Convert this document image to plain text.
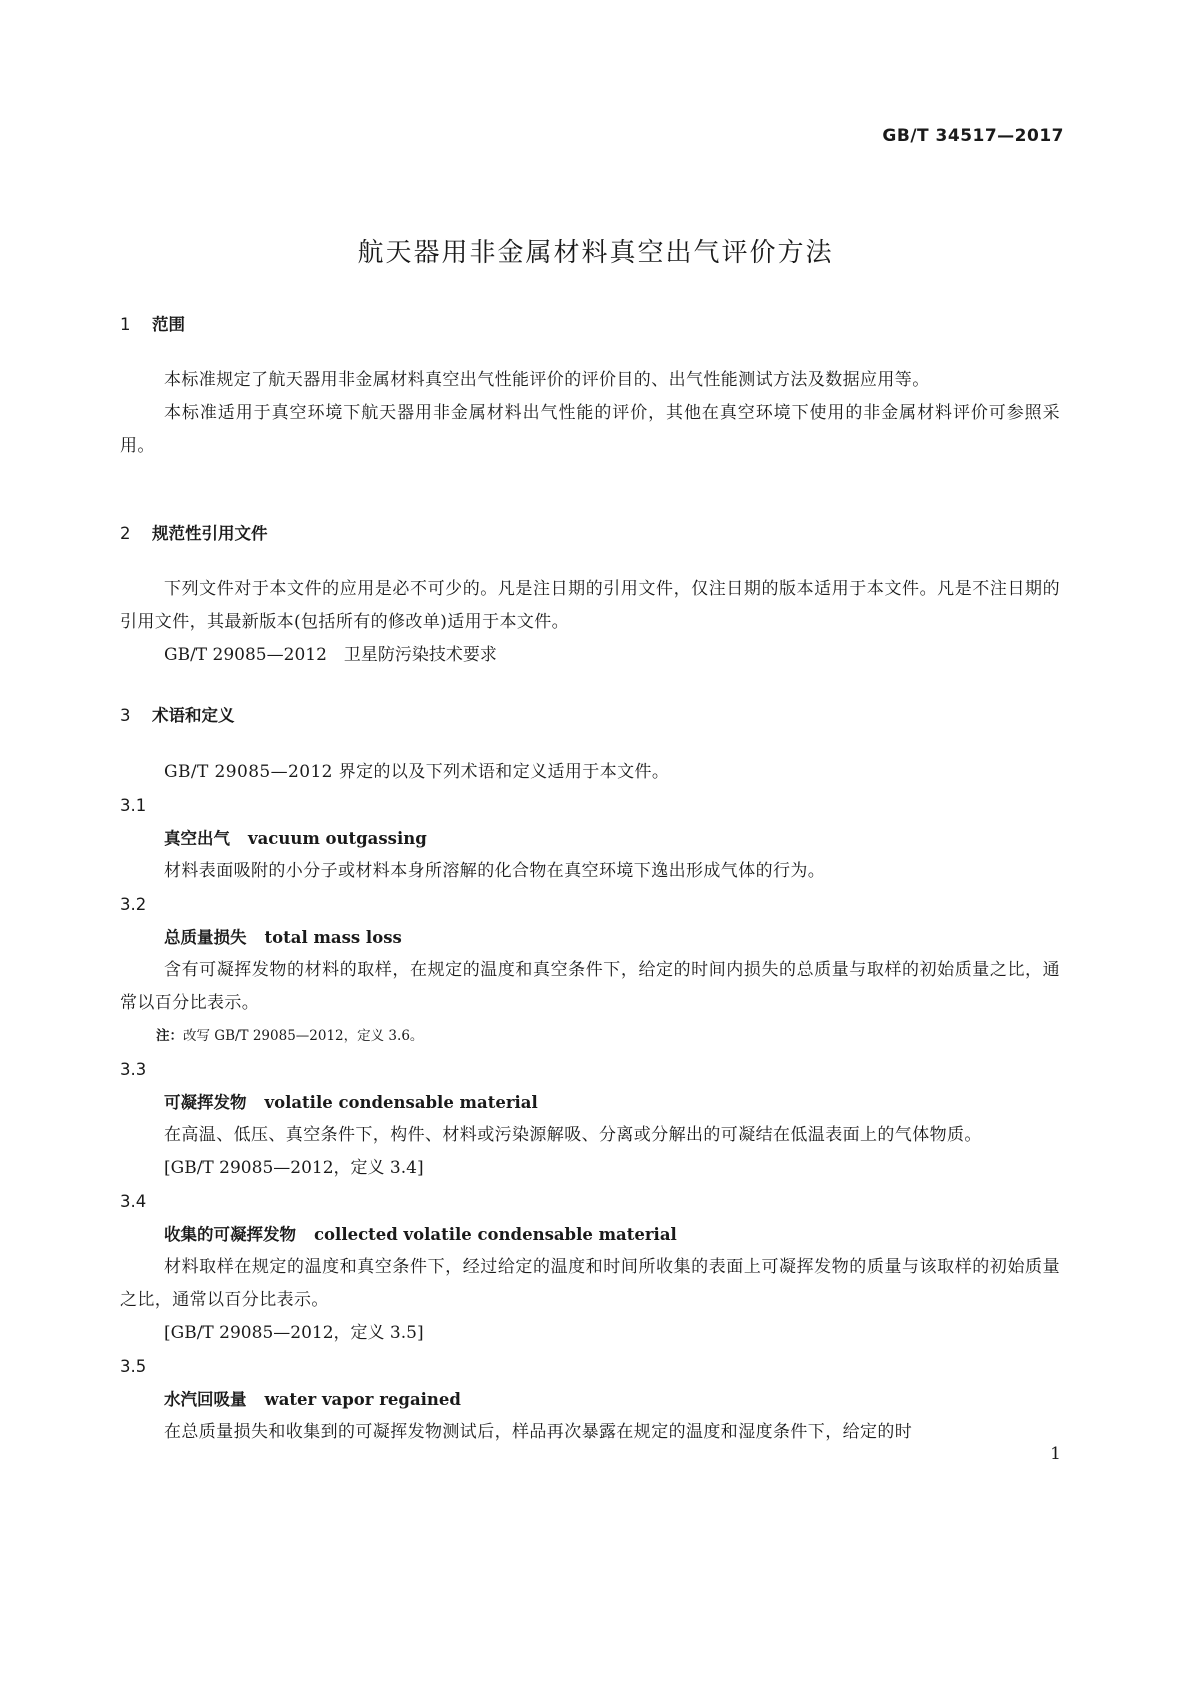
GB/T 34517—2017
航天器用非金属材料真空出气评价方法
1 范围
本标准规定了航天器用非金属材料真空出气性能评价的评价目的、出气性能测试方法及数据应用等。
本标准适用于真空环境下航天器用非金属材料出气性能的评价，其他在真空环境下使用的非金属材料评价可参照采用。
2 规范性引用文件
下列文件对于本文件的应用是必不可少的。凡是注日期的引用文件，仅注日期的版本适用于本文件。凡是不注日期的引用文件，其最新版本(包括所有的修改单)适用于本文件。
GB/T 29085—2012　卫星防污染技术要求
3 术语和定义
GB/T 29085—2012 界定的以及下列术语和定义适用于本文件。
3.1
真空出气 vacuum outgassing
材料表面吸附的小分子或材料本身所溶解的化合物在真空环境下逸出形成气体的行为。
3.2
总质量损失 total mass loss
含有可凝挥发物的材料的取样，在规定的温度和真空条件下，给定的时间内损失的总质量与取样的初始质量之比，通常以百分比表示。
注：改写 GB/T 29085—2012，定义 3.6。
3.3
可凝挥发物 volatile condensable material
在高温、低压、真空条件下，构件、材料或污染源解吸、分离或分解出的可凝结在低温表面上的气体物质。
[GB/T 29085—2012，定义 3.4]
3.4
收集的可凝挥发物 collected volatile condensable material
材料取样在规定的温度和真空条件下，经过给定的温度和时间所收集的表面上可凝挥发物的质量与该取样的初始质量之比，通常以百分比表示。
[GB/T 29085—2012，定义 3.5]
3.5
水汽回吸量 water vapor regained
在总质量损失和收集到的可凝挥发物测试后，样品再次暴露在规定的温度和湿度条件下，给定的时
1
